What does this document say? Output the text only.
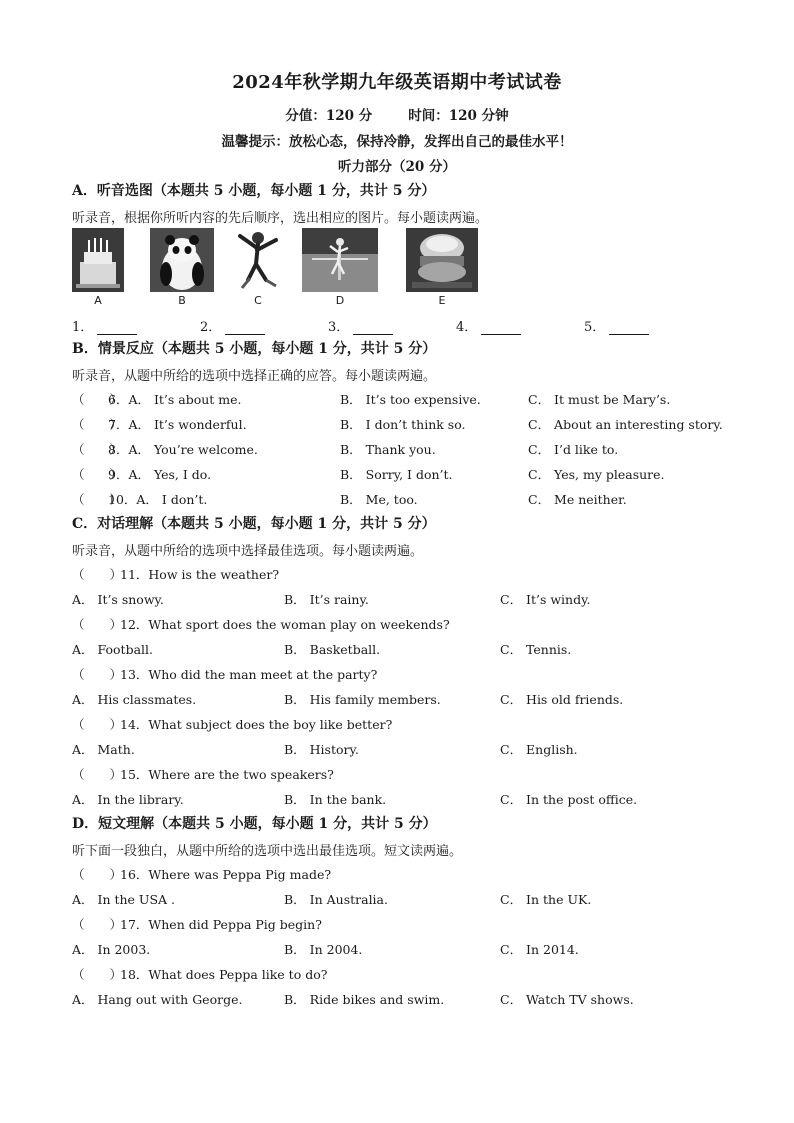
2024年秋学期九年级英语期中考试试卷
分值：120 分	时间：120 分钟
温馨提示：放松心态，保持冷静，发挥出自己的最佳水平！
听力部分（20 分）
A．听音选图（本题共 5 小题，每小题 1 分，共计 5 分）
听录音，根据你所听内容的先后顺序，选出相应的图片。每小题读两遍。
A	B	C	D	E
1．	2．	3．	4．	5．
B．情景反应（本题共 5 小题，每小题 1 分，共计 5 分）
听录音，从题中所给的选项中选择正确的应答。每小题读两遍。
（　　）
6．A． It’s about me.	B． It’s too expensive.	C． It must be Mary’s.
（　　）
7．A． It’s wonderful.	B． I don’t think so.	C． About an interesting story.
（　　）
8．A． You’re welcome.	B． Thank you.	C． I’d like to.
（　　）
9．A． Yes, I do.	B． Sorry, I don’t.	C． Yes, my pleasure.
（　　）
10．A． I don’t.	B． Me, too.	C． Me neither.
C．对话理解（本题共 5 小题，每小题 1 分，共计 5 分）
听录音，从题中所给的选项中选择最佳选项。每小题读两遍。
（　　）11．How is the weather?
A． It’s snowy.	B． It’s rainy.	C． It’s windy.
（　　）12．What sport does the woman play on weekends?
A． Football.	B． Basketball.	C． Tennis.
（　　）13．Who did the man meet at the party?
A． His classmates.	B． His family members.	C． His old friends.
（　　）14．What subject does the boy like better?
A． Math.	B． History.	C． English.
（　　）15．Where are the two speakers?
A． In the library.	B． In the bank.	C． In the post office.
D．短文理解（本题共 5 小题，每小题 1 分，共计 5 分）
听下面一段独白，从题中所给的选项中选出最佳选项。短文读两遍。
（　　）16．Where was Peppa Pig made?
A． In the USA .	B． In Australia.	C． In the UK.
（　　）17．When did Peppa Pig begin?
A． In 2003.	B． In 2004.	C． In 2014.
（　　）18．What does Peppa like to do?
A． Hang out with George.	B． Ride bikes and swim.	C． Watch TV shows.
